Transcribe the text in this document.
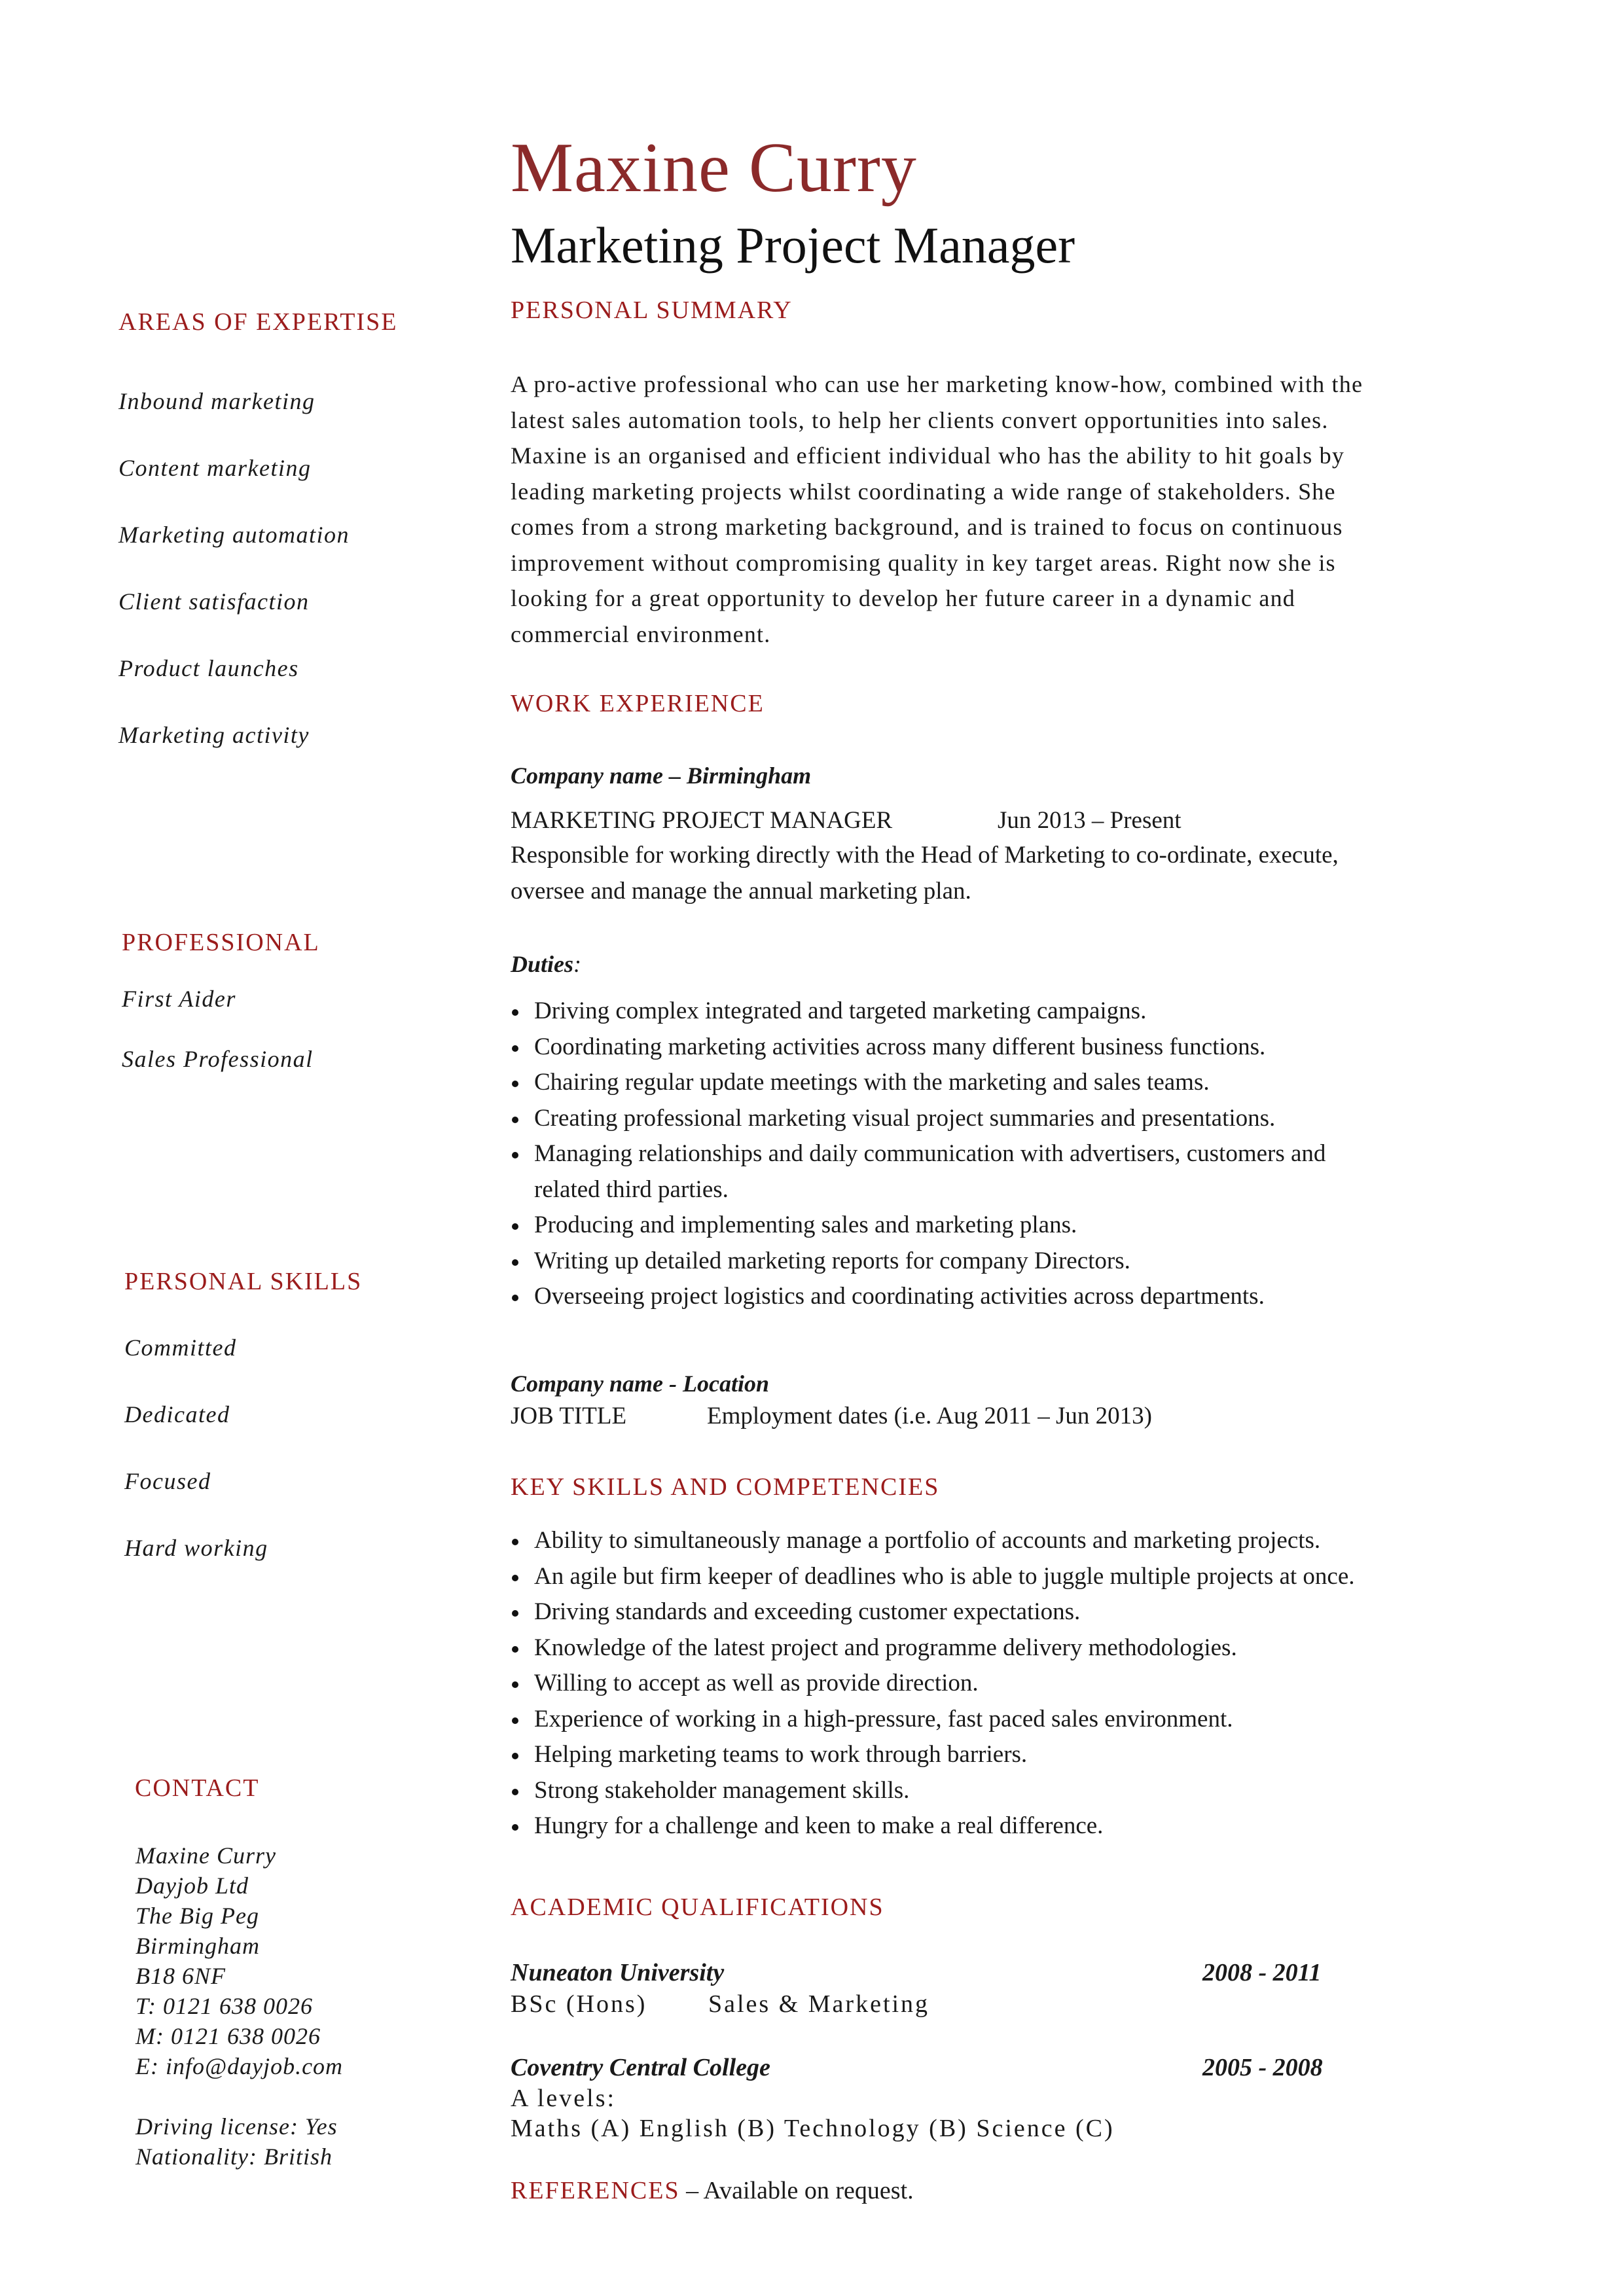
Maxine Curry
Marketing Project Manager
AREAS OF EXPERTISE
Inbound marketing
Content marketing
Marketing automation
Client satisfaction
Product launches
Marketing activity
PROFESSIONAL
First Aider
Sales Professional
PERSONAL SKILLS
Committed
Dedicated
Focused
Hard working
CONTACT
Maxine Curry
Dayjob Ltd
The Big Peg
Birmingham
B18 6NF
T: 0121 638 0026
M: 0121 638 0026
E: info@dayjob.com
Driving license: Yes
Nationality: British
PERSONAL SUMMARY
A pro-active professional who can use her marketing know-how, combined with the
latest sales automation tools, to help her clients convert opportunities into sales.
Maxine is an organised and efficient individual who has the ability to hit goals by
leading marketing projects whilst coordinating a wide range of stakeholders. She
comes from a strong marketing background, and is trained to focus on continuous
improvement without compromising quality in key target areas. Right now she is
looking for a great opportunity to develop her future career in a dynamic and
commercial environment.
WORK EXPERIENCE
Company name – Birmingham
MARKETING PROJECT MANAGER	Jun 2013 – Present
Responsible for working directly with the Head of Marketing to co-ordinate, execute,
oversee and manage the annual marketing plan.
Duties:
Driving complex integrated and targeted marketing campaigns.
Coordinating marketing activities across many different business functions.
Chairing regular update meetings with the marketing and sales teams.
Creating professional marketing visual project summaries and presentations.
Managing relationships and daily communication with advertisers, customers and
related third parties.
Producing and implementing sales and marketing plans.
Writing up detailed marketing reports for company Directors.
Overseeing project logistics and coordinating activities across departments.
Company name - Location
JOB TITLE	Employment dates (i.e. Aug 2011 – Jun 2013)
KEY SKILLS AND COMPETENCIES
Ability to simultaneously manage a portfolio of accounts and marketing projects.
An agile but firm keeper of deadlines who is able to juggle multiple projects at once.
Driving standards and exceeding customer expectations.
Knowledge of the latest project and programme delivery methodologies.
Willing to accept as well as provide direction.
Experience of working in a high-pressure, fast paced sales environment.
Helping marketing teams to work through barriers.
Strong stakeholder management skills.
Hungry for a challenge and keen to make a real difference.
ACADEMIC QUALIFICATIONS
Nuneaton University	2008 - 2011
BSc (Hons) Sales & Marketing
Coventry Central College	2005 - 2008
A levels:
Maths (A) English (B) Technology (B) Science (C)
REFERENCES – Available on request.
